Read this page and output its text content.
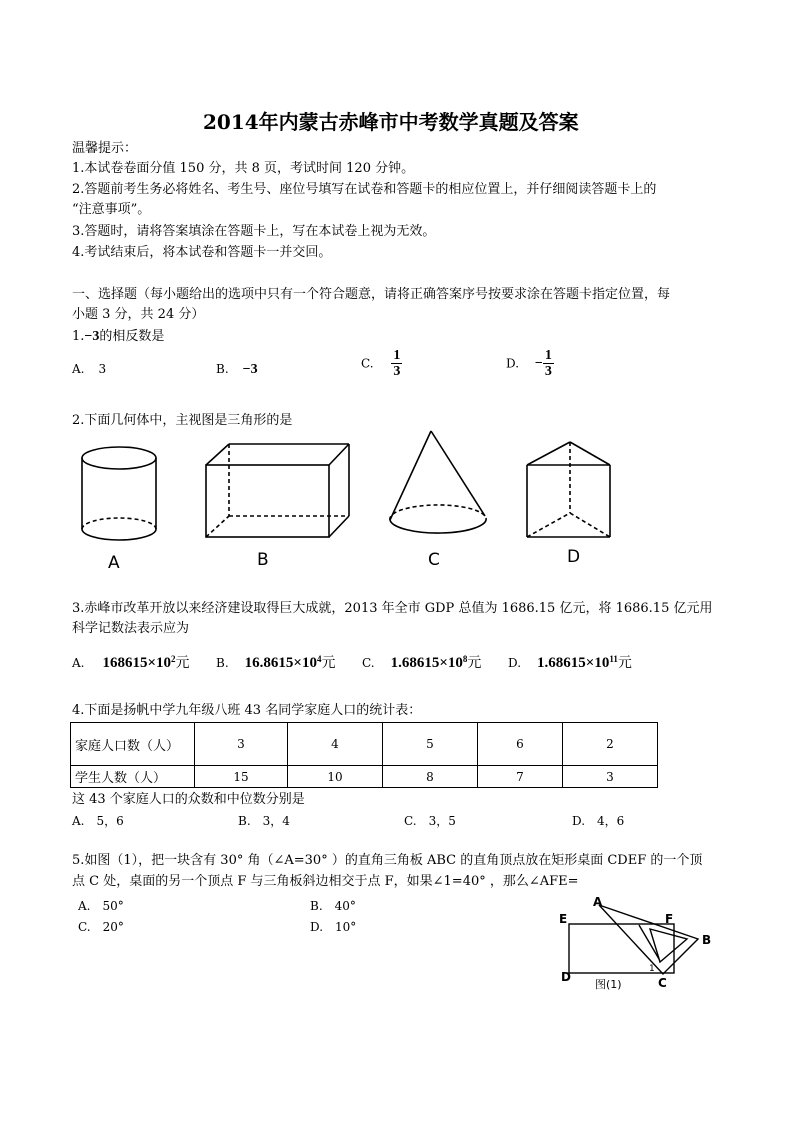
2014年内蒙古赤峰市中考数学真题及答案
温馨提示：
1.本试卷卷面分值 150 分，共 8 页，考试时间 120 分钟。
2.答题前考生务必将姓名、考生号、座位号填写在试卷和答题卡的相应位置上，并仔细阅读答题卡上的
“注意事项”。
3.答题时，请将答案填涂在答题卡上，写在本试卷上视为无效。
4.考试结束后，将本试卷和答题卡一并交回。
一、选择题（每小题给出的选项中只有一个符合题意，请将正确答案序号按要求涂在答题卡指定位置，每
小题 3 分，共 24 分）
1.−3的相反数是
A. 3	B. −3	C. $\frac{1}{3}$	D. − $\frac{1}{3}$
2.下面几何体中，主视图是三角形的是
A	B	C	D
3.赤峰市改革开放以来经济建设取得巨大成就，2013 年全市 GDP 总值为 1686.15 亿元，将 1686.15 亿元用
科学记数法表示应为
A. $168615\times 10^2$元 B. $16.8615\times 10^4$元 C. $1.68615\times 10^8$元 D. $1.68615\times 10^{11}$元
4.下面是扬帆中学九年级八班 43 名同学家庭人口的统计表：
家庭人口数（人）	3	4	5	6	2
学生人数（人）	15	10	8	7	3
这 43 个家庭人口的众数和中位数分别是
A.　5，6	B.　3，4	C.　3，5	D.　4，6
5.如图（1），把一块含有 30° 角（∠A=30° ）的直角三角板 ABC 的直角顶点放在矩形桌面 CDEF 的一个顶
点 C 处，桌面的另一个顶点 F 与三角板斜边相交于点 F，如果∠1=40° ，那么∠AFE=
A.　50°	B.　40°
C.　20°	D.　10°
A
B
C
D
E	F
1
图(1)
